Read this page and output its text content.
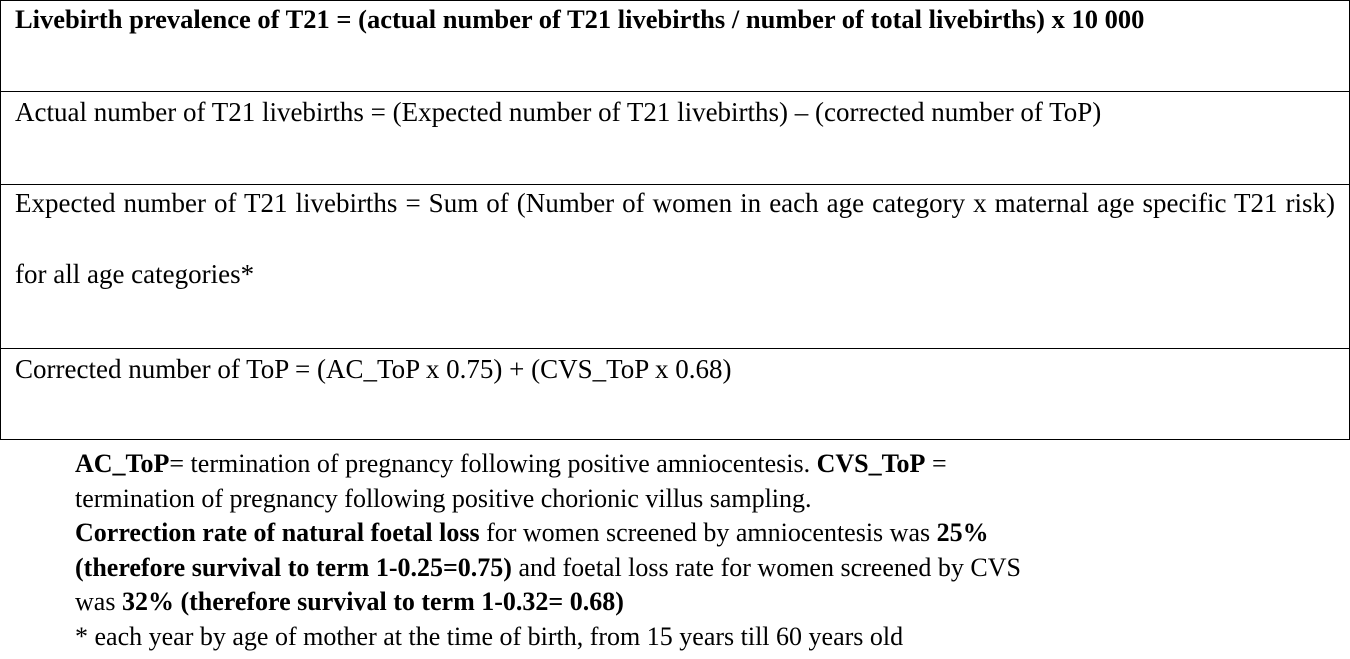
Livebirth prevalence of T21 = (actual number of T21 livebirths / number of total livebirths) x 10 000

Actual number of T21 livebirths = (Expected number of T21 livebirths) – (corrected number of ToP)

Expected number of T21 livebirths = Sum of (Number of women in each age category x maternal age specific T21 risk) for all age categories*

Corrected number of ToP = (AC_ToP x 0.75) + (CVS_ToP x 0.68)
AC_ToP= termination of pregnancy following positive amniocentesis. CVS_ToP =
termination of pregnancy following positive chorionic villus sampling.
Correction rate of natural foetal loss for women screened by amniocentesis was 25%
(therefore survival to term 1-0.25=0.75) and foetal loss rate for women screened by CVS
was 32% (therefore survival to term 1-0.32= 0.68)
* each year by age of mother at the time of birth, from 15 years till 60 years old
